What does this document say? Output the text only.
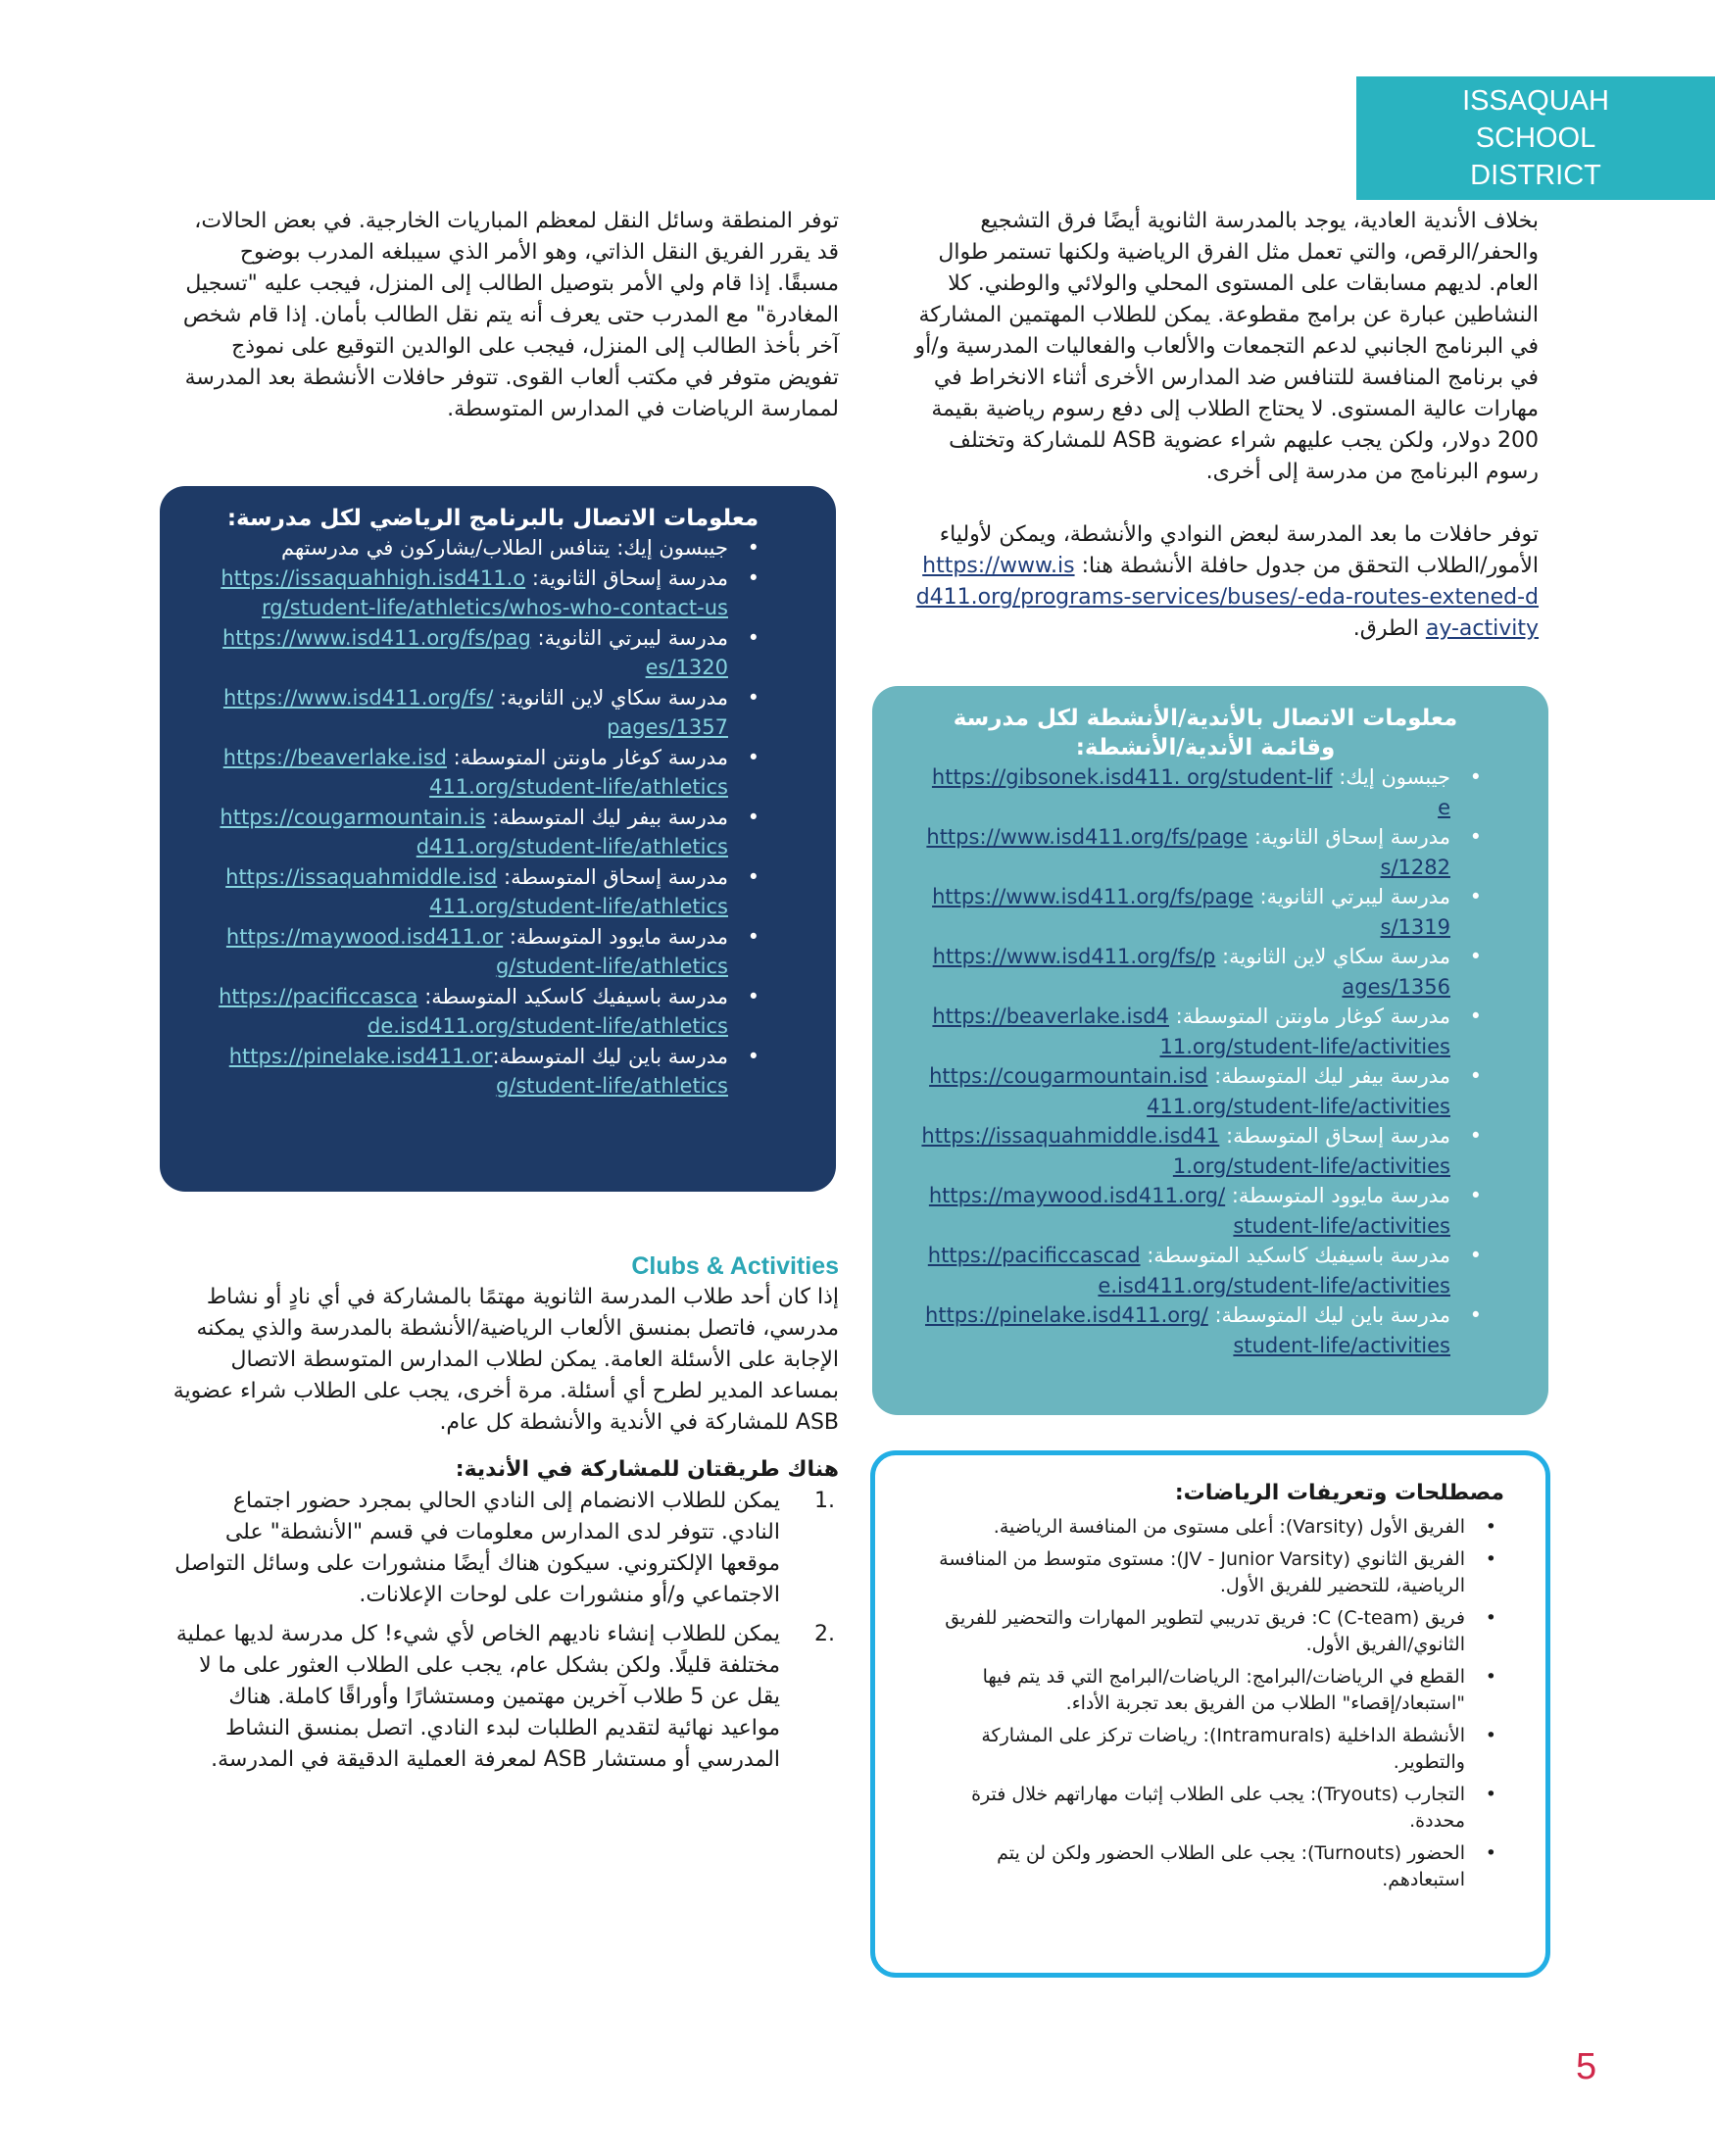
ISSAQUAH
SCHOOL
DISTRICT

بخلاف الأندية العادية، يوجد بالمدرسة الثانوية أيضًا فرق التشجيع والحفر/الرقص، والتي تعمل مثل الفرق الرياضية ولكنها تستمر طوال العام. لديهم مسابقات على المستوى المحلي والولائي والوطني. كلا النشاطين عبارة عن برامج مقطوعة. يمكن للطلاب المهتمين المشاركة في البرنامج الجانبي لدعم التجمعات والألعاب والفعاليات المدرسية و/أو في برنامج المنافسة للتنافس ضد المدارس الأخرى أثناء الانخراط في مهارات عالية المستوى. لا يحتاج الطلاب إلى دفع رسوم رياضية بقيمة 200 دولار، ولكن يجب عليهم شراء عضوية ASB للمشاركة وتختلف رسوم البرنامج من مدرسة إلى أخرى.

توفر حافلات ما بعد المدرسة لبعض النوادي والأنشطة، ويمكن لأولياء الأمور/الطلاب التحقق من جدول حافلة الأنشطة هنا: https://www.isd411.org/programs-services/buses/-eda-routes-extened-day-activity الطرق.

معلومات الاتصال بالأندية/الأنشطة لكل مدرسة وقائمة الأندية/الأنشطة:
• جيبسون إيك: https://gibsonek.isd411. org/student-life
• مدرسة إسحاق الثانوية: https://www.isd411.org/fs/pages/1282
• مدرسة ليبرتي الثانوية: https://www.isd411.org/fs/pages/1319
• مدرسة سكاي لاين الثانوية: https://www.isd411.org/fs/pages/1356
• مدرسة كوغار ماونتن المتوسطة: https://beaverlake.isd411.org/student-life/activities
• مدرسة بيفر ليك المتوسطة: https://cougarmountain.isd411.org/student-life/activities
• مدرسة إسحاق المتوسطة: https://issaquahmiddle.isd411.org/student-life/activities
• مدرسة مايوود المتوسطة: https://maywood.isd411.org/student-life/activities
• مدرسة باسيفيك كاسكيد المتوسطة: https://pacificcascade.isd411.org/student-life/activities
• مدرسة باين ليك المتوسطة: https://pinelake.isd411.org/student-life/activities
مصطلحات وتعريفات الرياضات:
• الفريق الأول (Varsity): أعلى مستوى من المنافسة الرياضية.
• الفريق الثانوي (JV - Junior Varsity): مستوى متوسط من المنافسة الرياضية، للتحضير للفريق الأول.
• فريق C (C-team): فريق تدريبي لتطوير المهارات والتحضير للفريق الثانوي/الفريق الأول.
• القطع في الرياضات/البرامج: الرياضات/البرامج التي قد يتم فيها "استبعاد/إقصاء" الطلاب من الفريق بعد تجربة الأداء.
• الأنشطة الداخلية (Intramurals): رياضات تركز على المشاركة والتطوير.
• التجارب (Tryouts): يجب على الطلاب إثبات مهاراتهم خلال فترة محددة.
• الحضور (Turnouts): يجب على الطلاب الحضور ولكن لن يتم استبعادهم.

توفر المنطقة وسائل النقل لمعظم المباريات الخارجية. في بعض الحالات، قد يقرر الفريق النقل الذاتي، وهو الأمر الذي سيبلغه المدرب بوضوح مسبقًا. إذا قام ولي الأمر بتوصيل الطالب إلى المنزل، فيجب عليه "تسجيل المغادرة" مع المدرب حتى يعرف أنه يتم نقل الطالب بأمان. إذا قام شخص آخر بأخذ الطالب إلى المنزل، فيجب على الوالدين التوقيع على نموذج تفويض متوفر في مكتب ألعاب القوى. تتوفر حافلات الأنشطة بعد المدرسة لممارسة الرياضات في المدارس المتوسطة.

معلومات الاتصال بالبرنامج الرياضي لكل مدرسة:
• جيبسون إيك: يتنافس الطلاب/يشاركون في مدرستهم
• مدرسة إسحاق الثانوية: https://issaquahhigh.isd411.org/student-life/athletics/whos-who-contact-us
• مدرسة ليبرتي الثانوية: https://www.isd411.org/fs/pages/1320
• مدرسة سكاي لاين الثانوية: https://www.isd411.org/fs/pages/1357
• مدرسة كوغار ماونتن المتوسطة: https://beaverlake.isd411.org/student-life/athletics
• مدرسة بيفر ليك المتوسطة: https://cougarmountain.isd411.org/student-life/athletics
• مدرسة إسحاق المتوسطة: https://issaquahmiddle.isd411.org/student-life/athletics
• مدرسة مايوود المتوسطة: https://maywood.isd411.org/student-life/athletics
• مدرسة باسيفيك كاسكيد المتوسطة: https://pacificcascade.isd411.org/student-life/athletics
• مدرسة باين ليك المتوسطة:https://pinelake.isd411.org/student-life/athletics

Clubs & Activities

إذا كان أحد طلاب المدرسة الثانوية مهتمًا بالمشاركة في أي نادٍ أو نشاط مدرسي، فاتصل بمنسق الألعاب الرياضية/الأنشطة بالمدرسة والذي يمكنه الإجابة على الأسئلة العامة. يمكن لطلاب المدارس المتوسطة الاتصال بمساعد المدير لطرح أي أسئلة. مرة أخرى، يجب على الطلاب شراء عضوية ASB للمشاركة في الأندية والأنشطة كل عام.

هناك طريقتان للمشاركة في الأندية:

1.
يمكن للطلاب الانضمام إلى النادي الحالي بمجرد حضور اجتماع النادي. تتوفر لدى المدارس معلومات في قسم "الأنشطة" على موقعها الإلكتروني. سيكون هناك أيضًا منشورات على وسائل التواصل الاجتماعي و/أو منشورات على لوحات الإعلانات.
2.
يمكن للطلاب إنشاء ناديهم الخاص لأي شيء! كل مدرسة لديها عملية مختلفة قليلًا. ولكن بشكل عام، يجب على الطلاب العثور على ما لا يقل عن 5 طلاب آخرين مهتمين ومستشارًا وأوراقًا كاملة. هناك مواعيد نهائية لتقديم الطلبات لبدء النادي. اتصل بمنسق النشاط المدرسي أو مستشار ASB لمعرفة العملية الدقيقة في المدرسة.
5
